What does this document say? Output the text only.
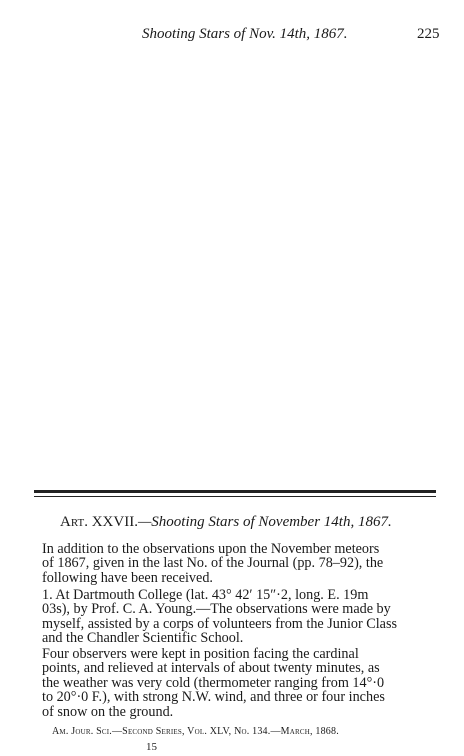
Shooting Stars of Nov. 14th, 1867.	225
Art. XXVII.—Shooting Stars of November 14th, 1867.
In addition to the observations upon the November meteors
of 1867, given in the last No. of the Journal (pp. 78–92), the
following have been received.
1. At Dartmouth College (lat. 43° 42′ 15″·2, long. E. 19m
03s), by Prof. C. A. Young.—The observations were made by
myself, assisted by a corps of volunteers from the Junior Class
and the Chandler Scientific School.
Four observers were kept in position facing the cardinal
points, and relieved at intervals of about twenty minutes, as
the weather was very cold (thermometer ranging from 14°·0
to 20°·0 F.), with strong N.W. wind, and three or four inches
of snow on the ground.
Am. Jour. Sci.—Second Series, Vol. XLV, No. 134.—March, 1868.
15
